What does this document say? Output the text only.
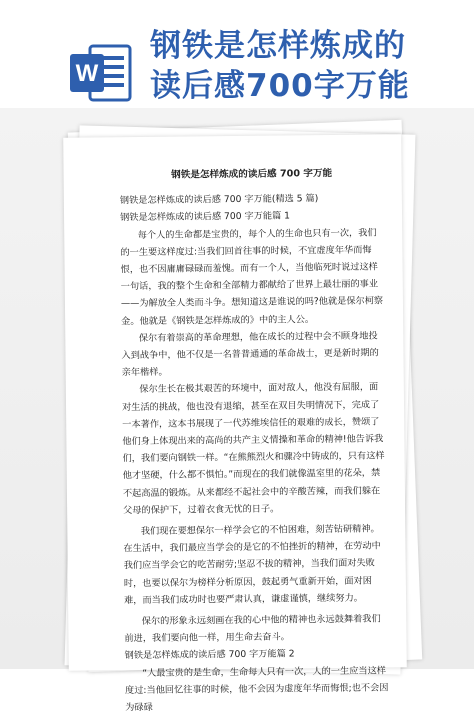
W
钢铁是怎样炼成的
读后感700字万能
钢铁是怎样炼成的读后感 700 字万能

钢铁是怎样炼成的读后感 700 字万能(精选 5 篇)

钢铁是怎样炼成的读后感 700 字万能篇 1

每个人的生命都是宝贵的，每个人的生命也只有一次，我们的一生要这样度过:当我们回首往事的时候，不宜虚度年华而悔恨，也不因庸庸碌碌而羞愧。而有一个人，当他临死时说过这样一句话，我的整个生命和全部精力都献给了世界上最壮丽的事业——为解放全人类而斗争。想知道这是谁说的吗?他就是保尔柯察金。他就是《钢铁是怎样炼成的》中的主人公。

保尔有着崇高的革命理想，他在成长的过程中会不顾身地投入到战争中，他不仅是一名普普通通的革命战士，更是新时期的亲年楷样。

保尔生长在极其艰苦的环境中，面对敌人，他没有屈服，面对生活的挑战，他也没有退缩，甚至在双目失明情况下，完成了一本著作，这本书展现了一代苏维埃信任的艰难的成长，赞颂了他们身上体现出来的高尚的共产主义情操和革命的精神!他告诉我们，我们要向钢铁一样。“在熊熊烈火和骤冷中铸成的，只有这样他才坚硬，什么都不惧怕。”而现在的我们就像温室里的花朵，禁不起高温的锻炼。从来都经不起社会中的辛酸苦辣，而我们躲在父母的保护下，过着衣食无忧的日子。

我们现在要想保尔一样学会它的不怕困难，刻苦钻研精神。在生活中，我们最应当学会的是它的不怕挫折的精神，在劳动中我们应当学会它的吃苦耐劳;坚忍不拔的精神，当我们面对失败时，也要以保尔为榜样分析原因，鼓起勇气重新开始，面对困难，而当我们成功时也要严肃认真，谦虚谨慎，继续努力。

保尔的形象永远刻画在我的心中他的精神也永远鼓舞着我们前进，我们要向他一样，用生命去奋斗。

钢铁是怎样炼成的读后感 700 字万能篇 2

“人最宝贵的是生命，生命每人只有一次，人的一生应当这样度过:当他回忆往事的时候，他不会因为虚度年华而悔恨;也不会因为碌碌
